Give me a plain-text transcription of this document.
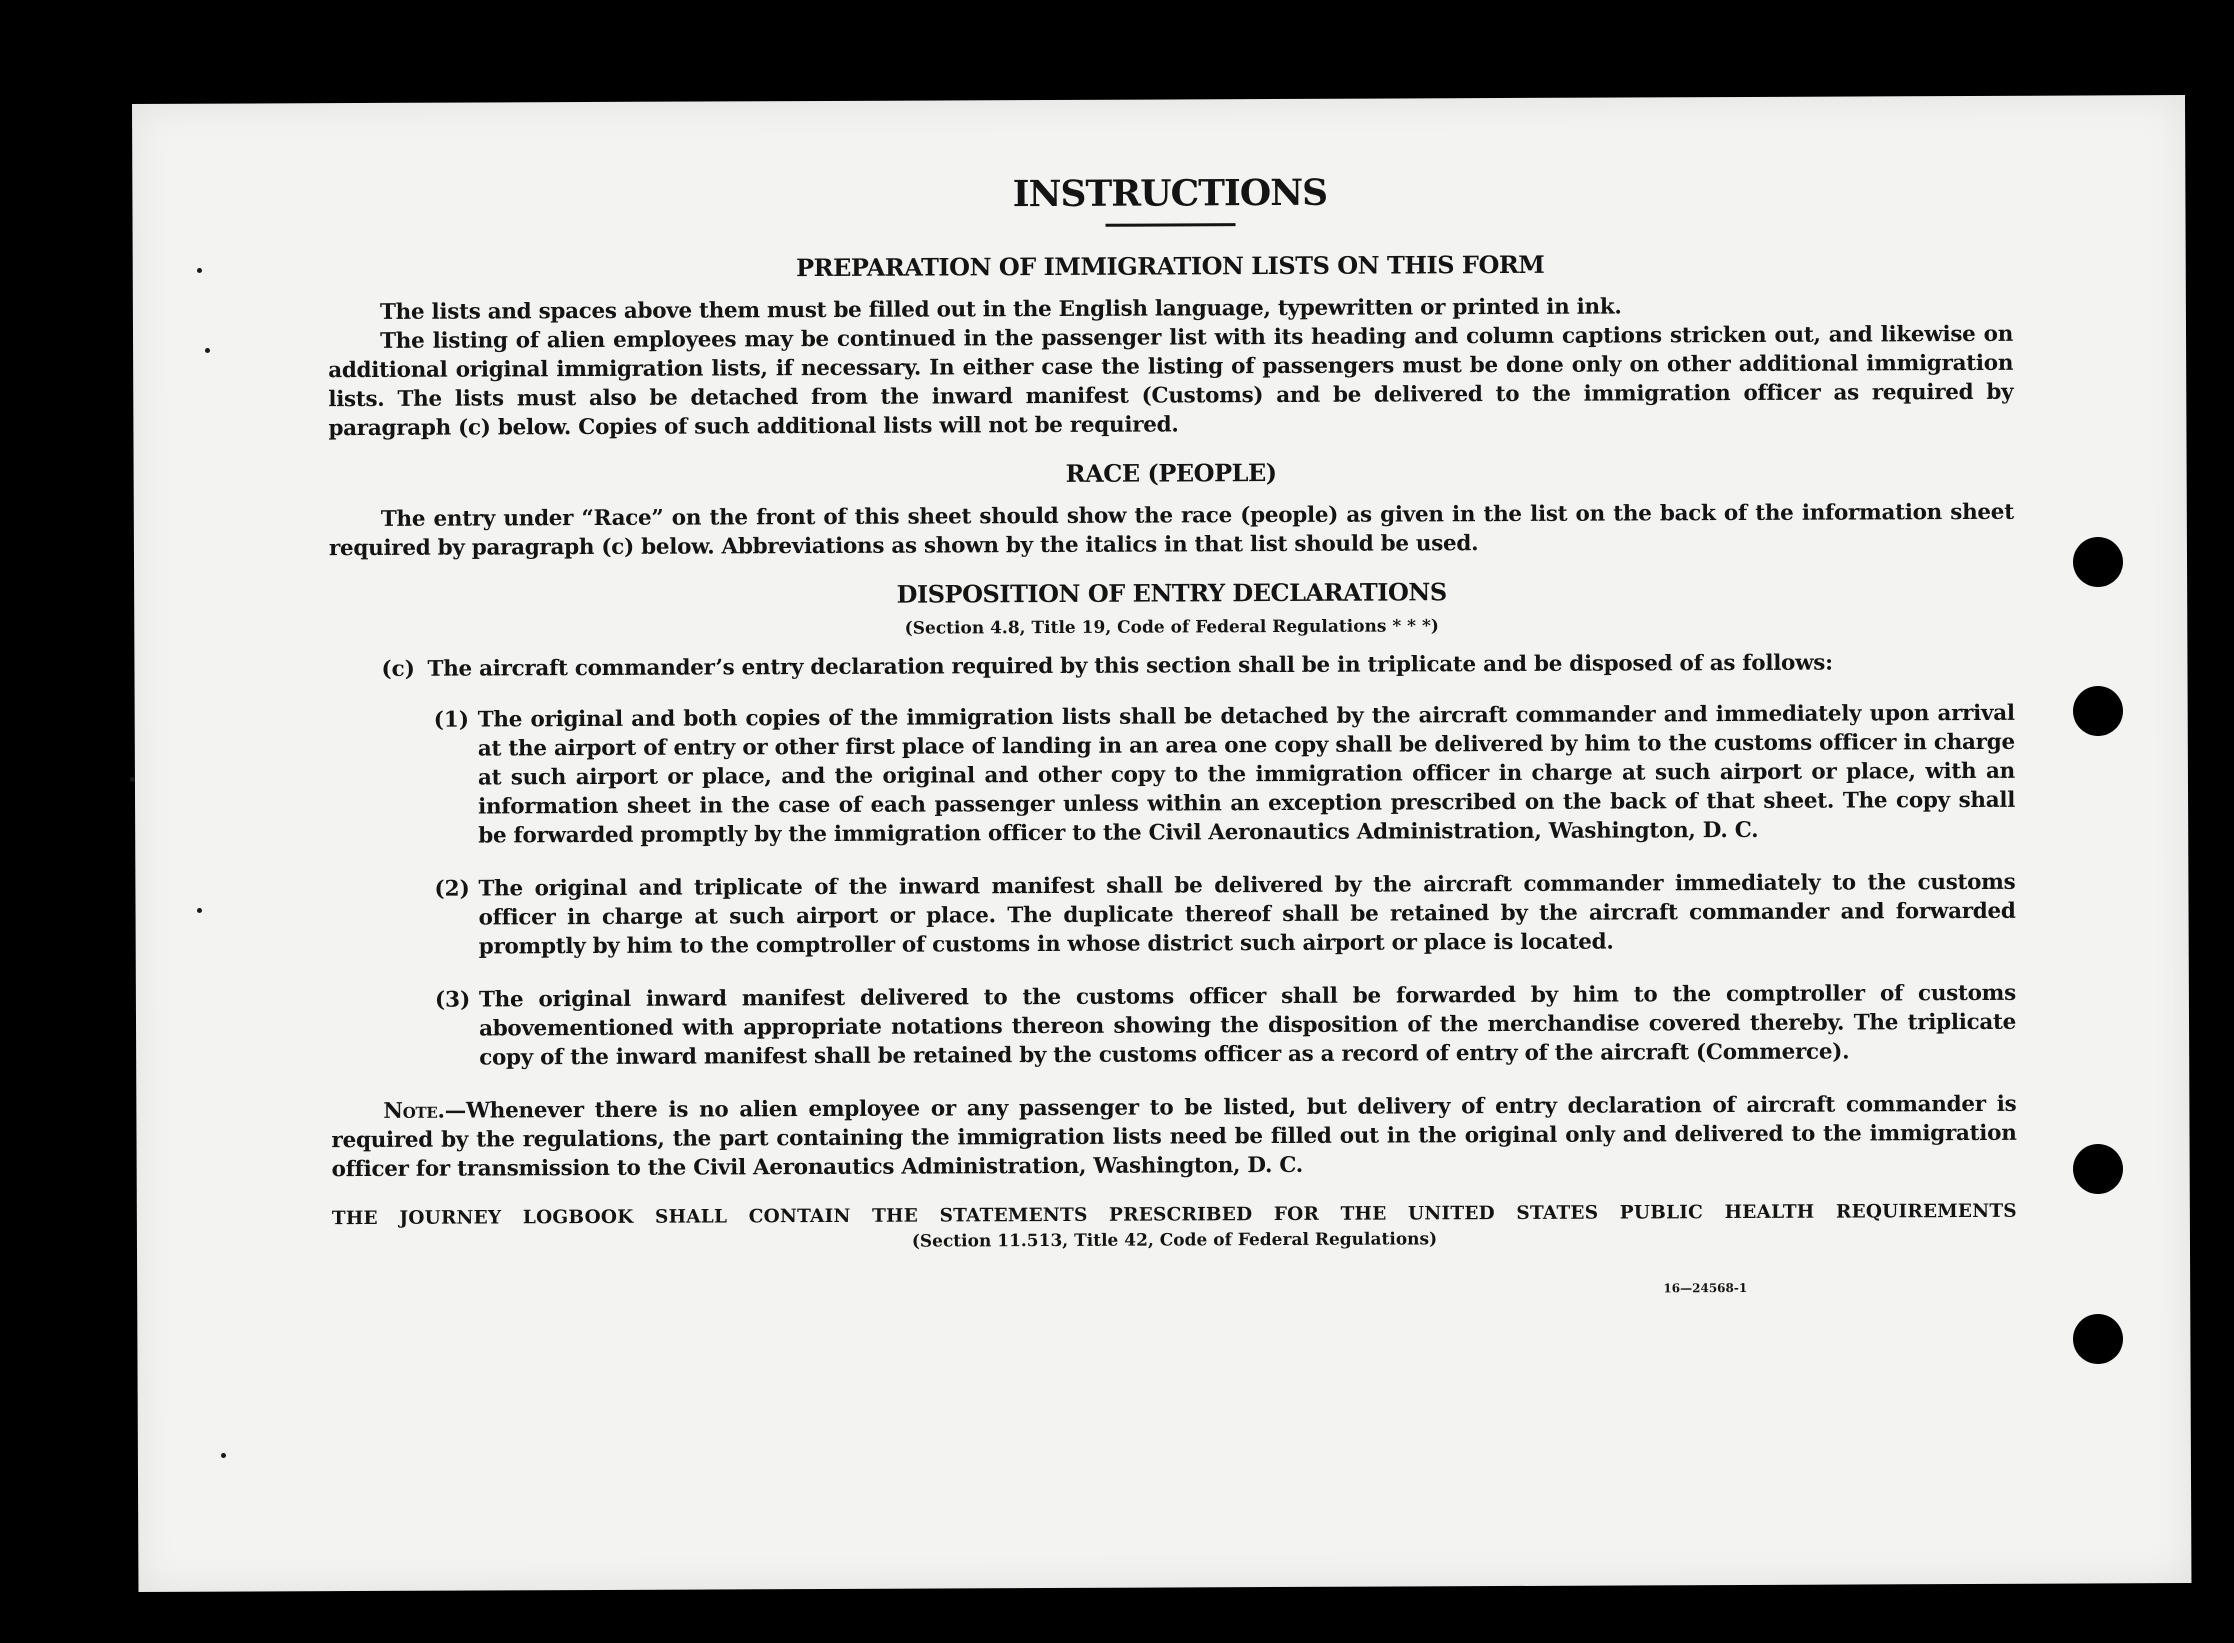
INSTRUCTIONS
PREPARATION OF IMMIGRATION LISTS ON THIS FORM

The lists and spaces above them must be filled out in the English language, typewritten or printed in ink.

The listing of alien employees may be continued in the passenger list with its heading and column captions stricken out, and likewise on additional original immigration lists, if necessary. In either case the listing of passengers must be done only on other additional immigration lists. The lists must also be detached from the inward manifest (Customs) and be delivered to the immigration officer as required by paragraph (c) below. Copies of such additional lists will not be required.

RACE (PEOPLE)

The entry under “Race” on the front of this sheet should show the race (people) as given in the list on the back of the information sheet required by paragraph (c) below. Abbreviations as shown by the italics in that list should be used.

DISPOSITION OF ENTRY DECLARATIONS
(Section 4.8, Title 19, Code of Federal Regulations * * *)
(c) The aircraft commander’s entry declaration required by this section shall be in triplicate and be disposed of as follows:

(1) The original and both copies of the immigration lists shall be detached by the aircraft commander and immediately upon arrival at the airport of entry or other first place of landing in an area one copy shall be delivered by him to the customs officer in charge at such airport or place, and the original and other copy to the immigration officer in charge at such airport or place, with an information sheet in the case of each passenger unless within an exception prescribed on the back of that sheet. The copy shall be forwarded promptly by the immigration officer to the Civil Aeronautics Administration, Washington, D. C.

(2) The original and triplicate of the inward manifest shall be delivered by the aircraft commander immediately to the customs officer in charge at such airport or place. The duplicate thereof shall be retained by the aircraft commander and forwarded promptly by him to the comptroller of customs in whose district such airport or place is located.

(3) The original inward manifest delivered to the customs officer shall be forwarded by him to the comptroller of customs abovementioned with appropriate notations thereon showing the disposition of the merchandise covered thereby. The triplicate copy of the inward manifest shall be retained by the customs officer as a record of entry of the aircraft (Commerce).

Note.—Whenever there is no alien employee or any passenger to be listed, but delivery of entry declaration of aircraft commander is required by the regulations, the part containing the immigration lists need be filled out in the original only and delivered to the immigration officer for transmission to the Civil Aeronautics Administration, Washington, D. C.

THE JOURNEY LOGBOOK SHALL CONTAIN THE STATEMENTS PRESCRIBED FOR THE UNITED STATES PUBLIC HEALTH REQUIREMENTS
(Section 11.513, Title 42, Code of Federal Regulations)
16—24568-1
